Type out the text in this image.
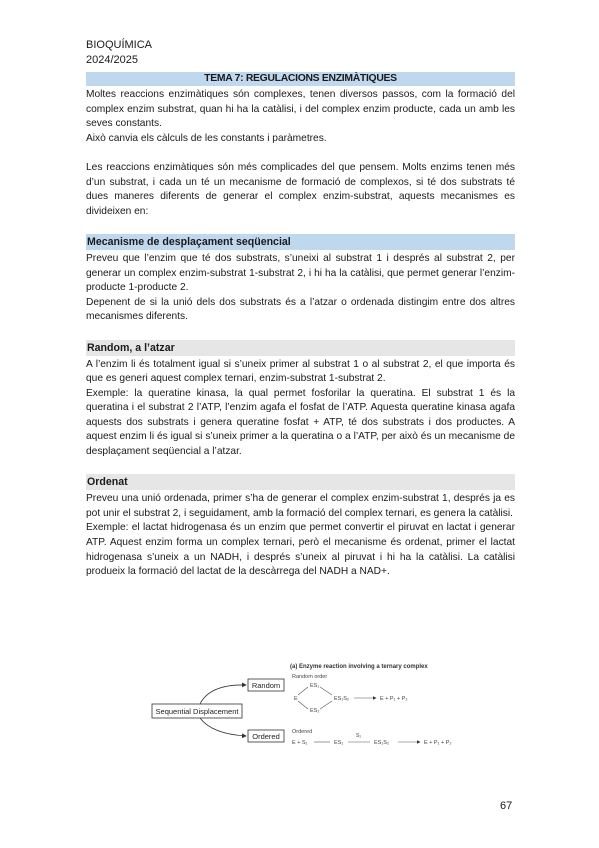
BIOQUÍMICA
2024/2025
TEMA 7: REGULACIONS ENZIMÀTIQUES

Moltes reaccions enzimàtiques són complexes, tenen diversos passos, com la formació del complex enzim substrat, quan hi ha la catàlisi, i del complex enzim producte, cada un amb les seves constants.

Això canvia els càlculs de les constants i paràmetres.

Les reaccions enzimàtiques són més complicades del que pensem. Molts enzims tenen més d’un substrat, i cada un té un mecanisme de formació de complexos, si té dos substrats té dues maneres diferents de generar el complex enzim-substrat, aquests mecanismes es divideixen en:

Mecanisme de desplaçament seqüencial

Preveu que l’enzim que té dos substrats, s’uneixi al substrat 1 i després al substrat 2, per generar un complex enzim-substrat 1-substrat 2, i hi ha la catàlisi, que permet generar l’enzim-producte 1-producte 2.

Depenent de si la unió dels dos substrats és a l’atzar o ordenada distingim entre dos altres mecanismes diferents.

Random, a l’atzar

A l’enzim li és totalment igual si s’uneix primer al substrat 1 o al substrat 2, el que importa és que es generi aquest complex ternari, enzim-substrat 1-substrat 2.

Exemple: la queratine kinasa, la qual permet fosforilar la queratina. El substrat 1 és la queratina i el substrat 2 l’ATP, l’enzim agafa el fosfat de l’ATP. Aquesta queratine kinasa agafa aquests dos substrats i genera queratine fosfat + ATP, té dos substrats i dos productes. A aquest enzim li és igual si s’uneix primer a la queratina o a l’ATP, per això és un mecanisme de desplaçament seqüencial a l’atzar.

Ordenat

Preveu una unió ordenada, primer s’ha de generar el complex enzim-substrat 1, després ja es pot unir el substrat 2, i seguidament, amb la formació del complex ternari, es genera la catàlisi.

Exemple: el lactat hidrogenasa és un enzim que permet convertir el piruvat en lactat i generar ATP. Aquest enzim forma un complex ternari, però el mecanisme és ordenat, primer el lactat hidrogenasa s’uneix a un NADH, i després s’uneix al piruvat i hi ha la catàlisi. La catàlisi produeix la formació del lactat de la descàrrega del NADH a NAD+.

Sequential Displacement
Random
Ordered
(a) Enzyme reaction involving a ternary complex
Random order
ES₁
E	ES₁S₂
ES₂
E + P₁ + P₂
Ordered
E + S₁	ES₁
S₂
ES₁S₂	E + P₁ + P₂
67
